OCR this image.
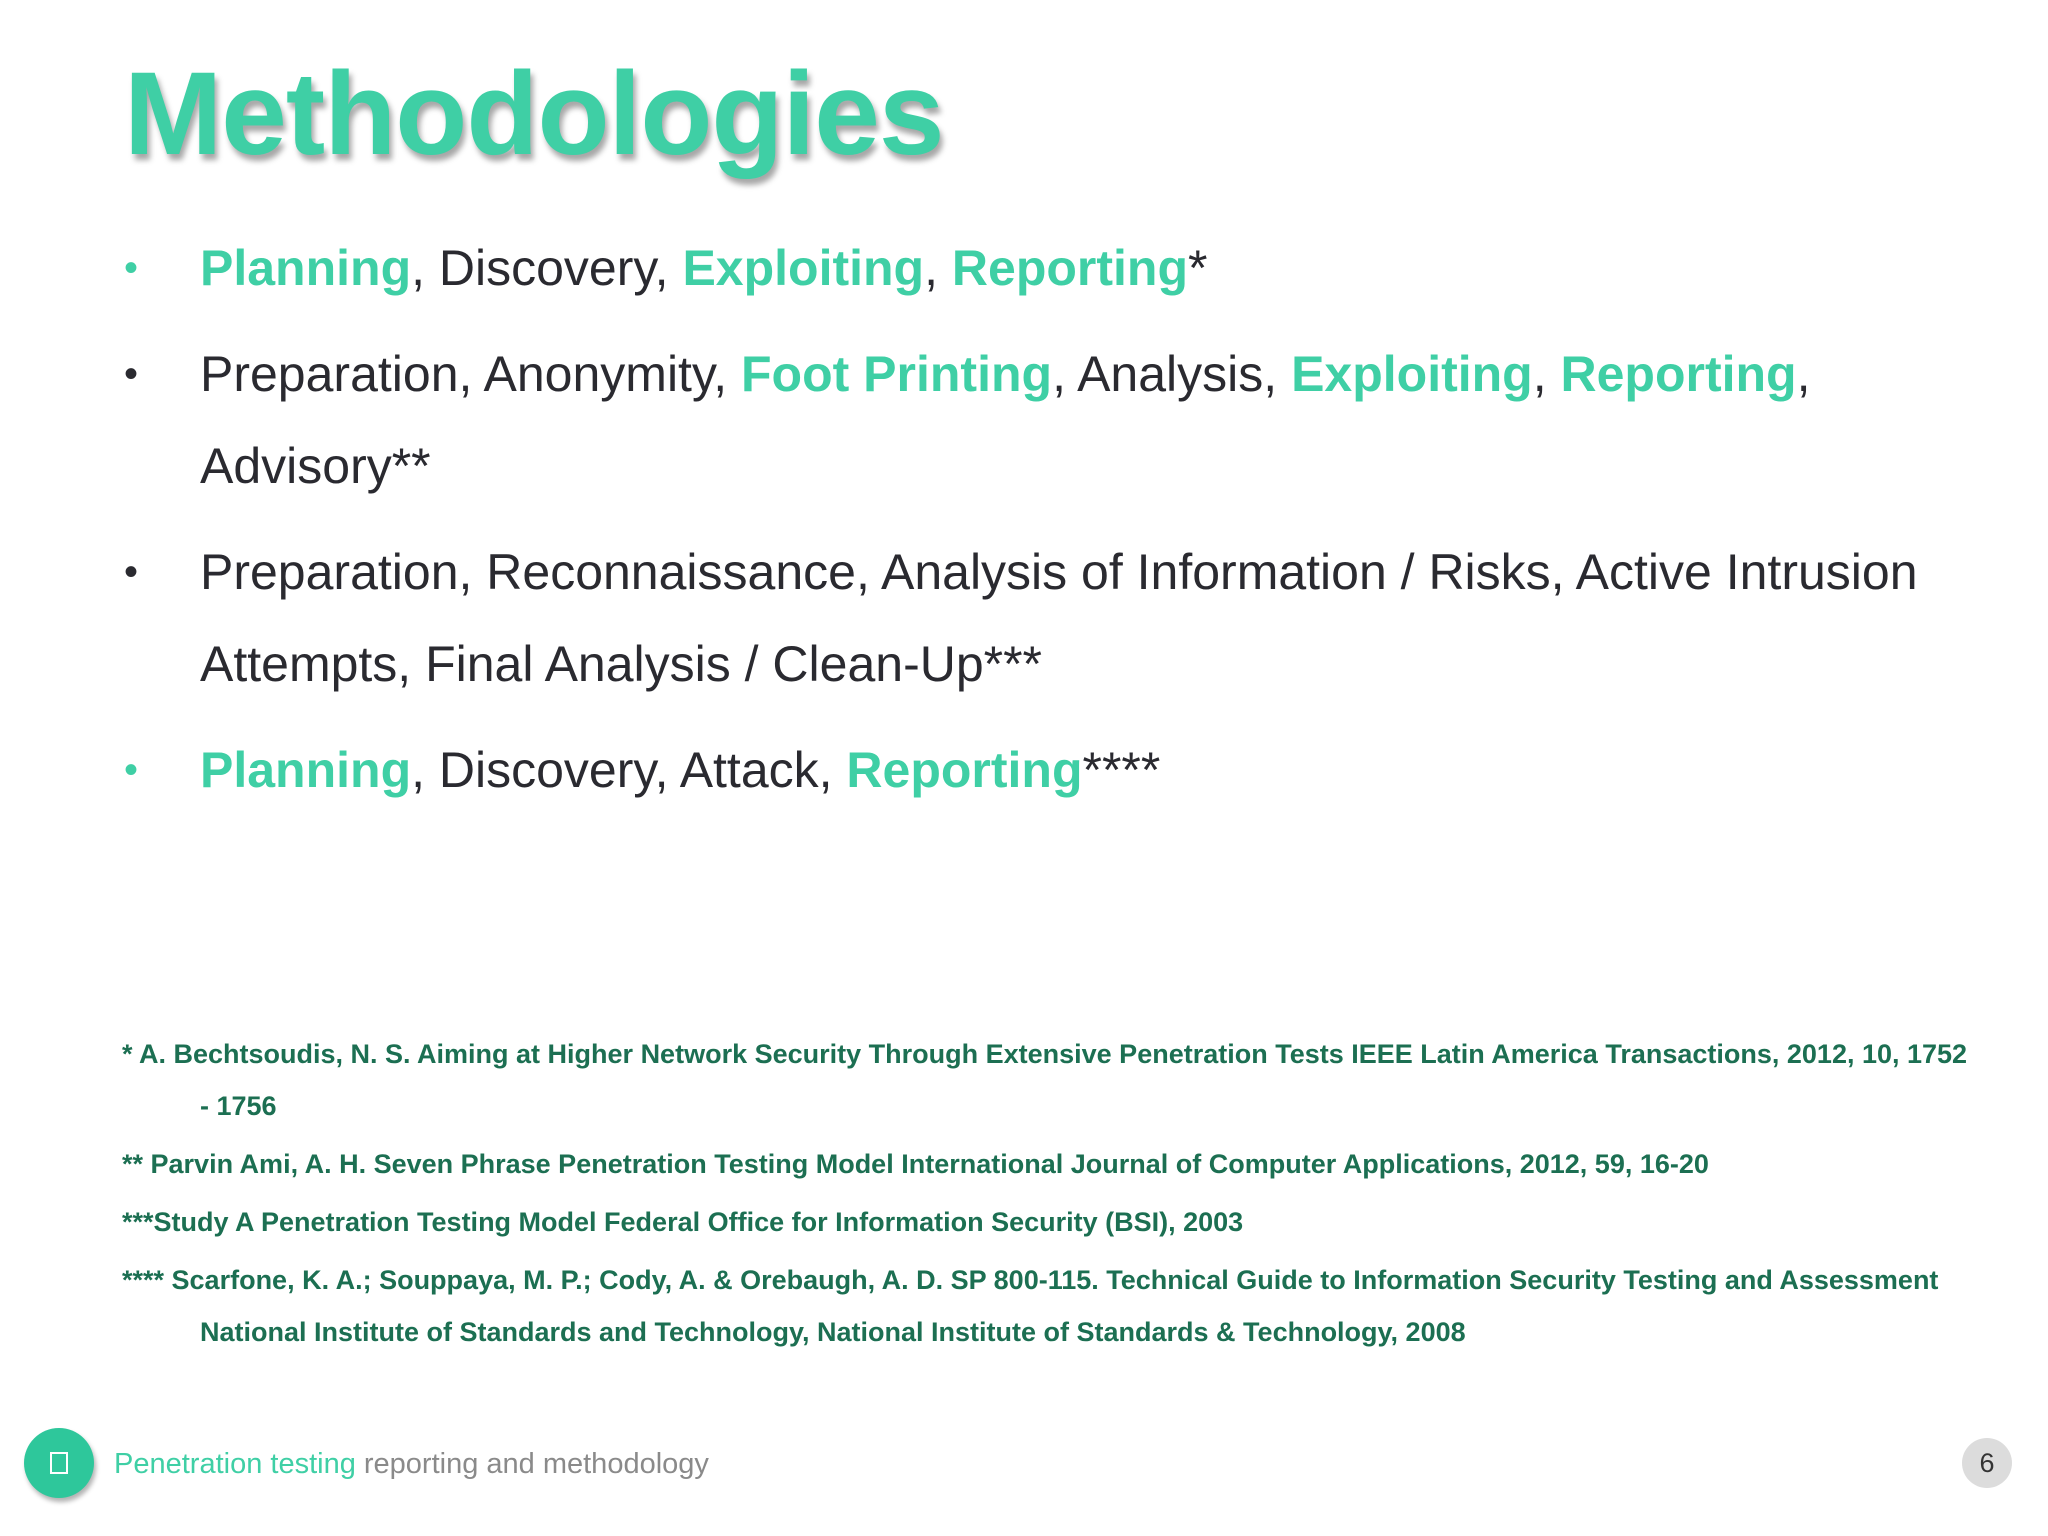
Methodologies
• Planning, Discovery, Exploiting, Reporting*
• Preparation, Anonymity, Foot Printing, Analysis, Exploiting, Reporting, Advisory**
• Preparation, Reconnaissance, Analysis of Information / Risks, Active Intrusion Attempts, Final Analysis / Clean-Up***
• Planning, Discovery, Attack, Reporting****
* A. Bechtsoudis, N. S. Aiming at Higher Network Security Through Extensive Penetration Tests IEEE Latin America Transactions, 2012, 10, 1752 - 1756
** Parvin Ami, A. H. Seven Phrase Penetration Testing Model International Journal of Computer Applications, 2012, 59, 16-20
***Study A Penetration Testing Model Federal Office for Information Security (BSI), 2003
**** Scarfone, K. A.; Souppaya, M. P.; Cody, A. & Orebaugh, A. D. SP 800-115. Technical Guide to Information Security Testing and Assessment National Institute of Standards and Technology, National Institute of Standards & Technology, 2008
Penetration testing reporting and methodology	6
